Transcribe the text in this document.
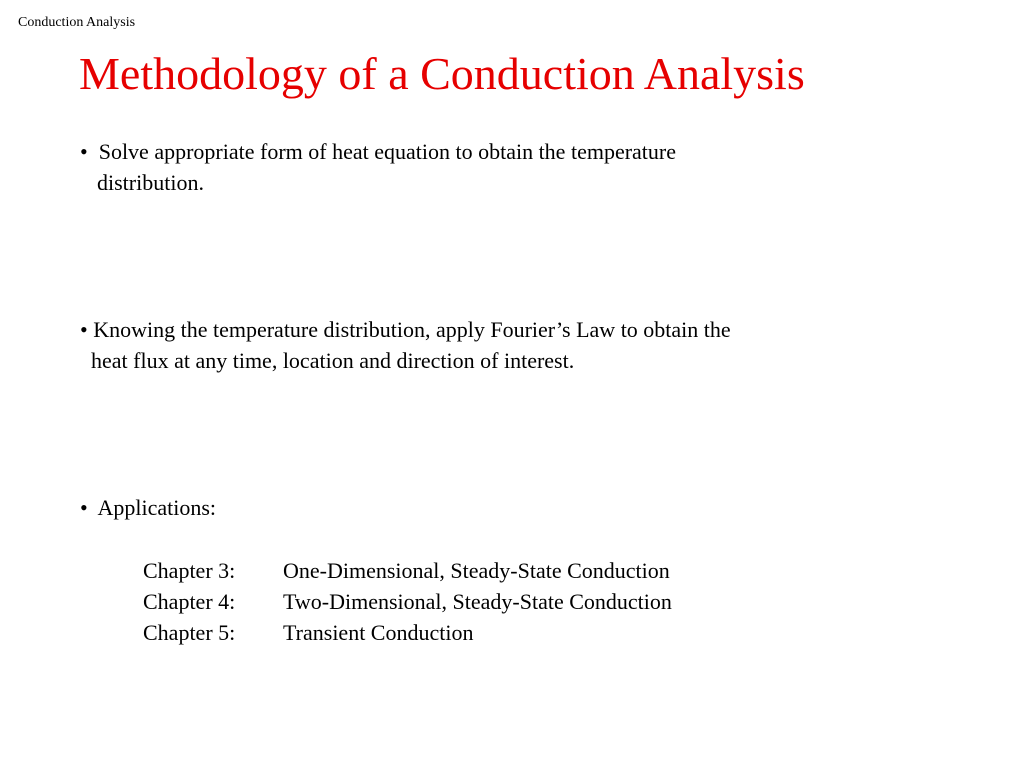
Conduction Analysis
Methodology of a Conduction Analysis
•  Solve appropriate form of heat equation to obtain the temperature
distribution.
• Knowing the temperature distribution, apply Fourier’s Law to obtain the
heat flux at any time, location and direction of interest.
•  Applications:
Chapter 3:	One-Dimensional, Steady-State Conduction
Chapter 4:	Two-Dimensional, Steady-State Conduction
Chapter 5:	Transient Conduction
